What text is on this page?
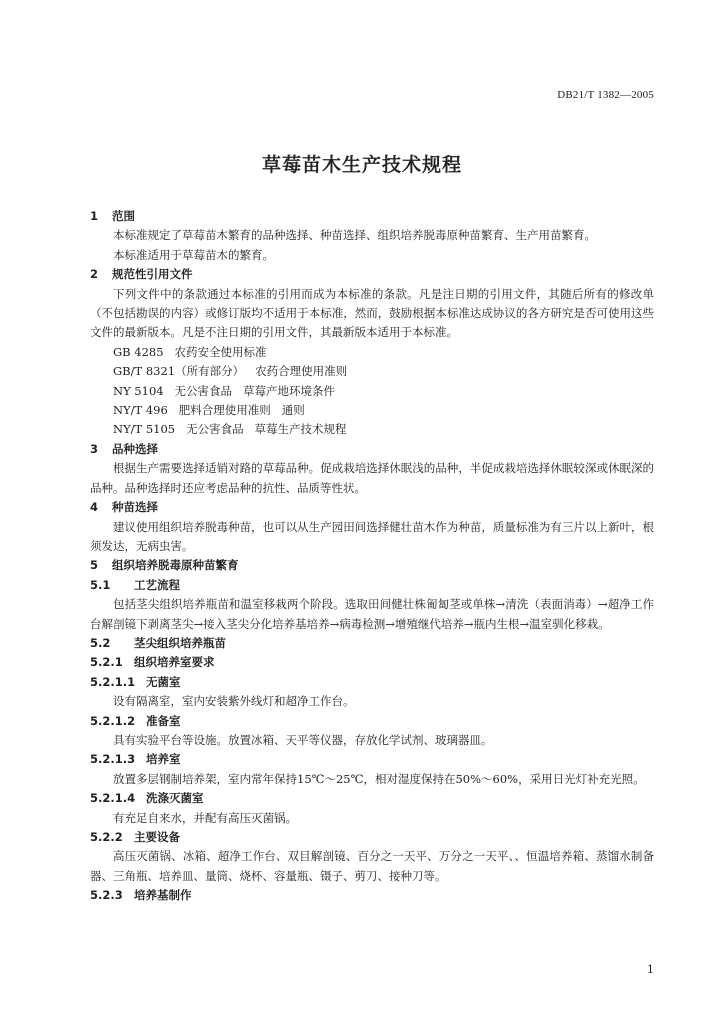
DB21/T 1382—2005
草莓苗木生产技术规程
1 范围
本标准规定了草莓苗木繁育的品种选择、种苗选择、组织培养脱毒原种苗繁育、生产用苗繁育。
本标准适用于草莓苗木的繁育。
2 规范性引用文件
下列文件中的条款通过本标准的引用而成为本标准的条款。凡是注日期的引用文件，其随后所有的修改单（不包括勘误的内容）或修订版均不适用于本标准，然而，鼓励根据本标准达成协议的各方研究是否可使用这些文件的最新版本。凡是不注日期的引用文件，其最新版本适用于本标准。
GB 4285   农药安全使用标准
GB/T 8321（所有部分）   农药合理使用准则
NY 5104   无公害食品   草莓产地环境条件
NY/T 496   肥料合理使用准则   通则
NY/T 5105   无公害食品   草莓生产技术规程
3 品种选择
根据生产需要选择适销对路的草莓品种。促成栽培选择休眠浅的品种，半促成栽培选择休眠较深或休眠深的品种。品种选择时还应考虑品种的抗性、品质等性状。
4 种苗选择
建议使用组织培养脱毒种苗，也可以从生产园田间选择健壮苗木作为种苗，质量标准为有三片以上新叶，根须发达，无病虫害。
5 组织培养脱毒原种苗繁育
5.1 工艺流程
包括茎尖组织培养瓶苗和温室移栽两个阶段。选取田间健壮株匍匐茎或单株→清洗（表面消毒）→超净工作台解剖镜下剥离茎尖→接入茎尖分化培养基培养→病毒检测→增殖继代培养→瓶内生根→温室驯化移栽。
5.2 茎尖组织培养瓶苗
5.2.1 组织培养室要求
5.2.1.1 无菌室
设有隔离室，室内安装紫外线灯和超净工作台。
5.2.1.2 准备室
具有实验平台等设施。放置冰箱、天平等仪器，存放化学试剂、玻璃器皿。
5.2.1.3 培养室
放置多层钢制培养架，室内常年保持15℃～25℃，相对湿度保持在50%～60%，采用日光灯补充光照。
5.2.1.4 洗涤灭菌室
有充足自来水，并配有高压灭菌锅。
5.2.2 主要设备
高压灭菌锅、冰箱、超净工作台、双目解剖镜、百分之一天平、万分之一天平、、恒温培养箱、蒸馏水制备器、三角瓶、培养皿、量筒、烧杯、容量瓶、镊子、剪刀、接种刀等。
5.2.3 培养基制作
1
